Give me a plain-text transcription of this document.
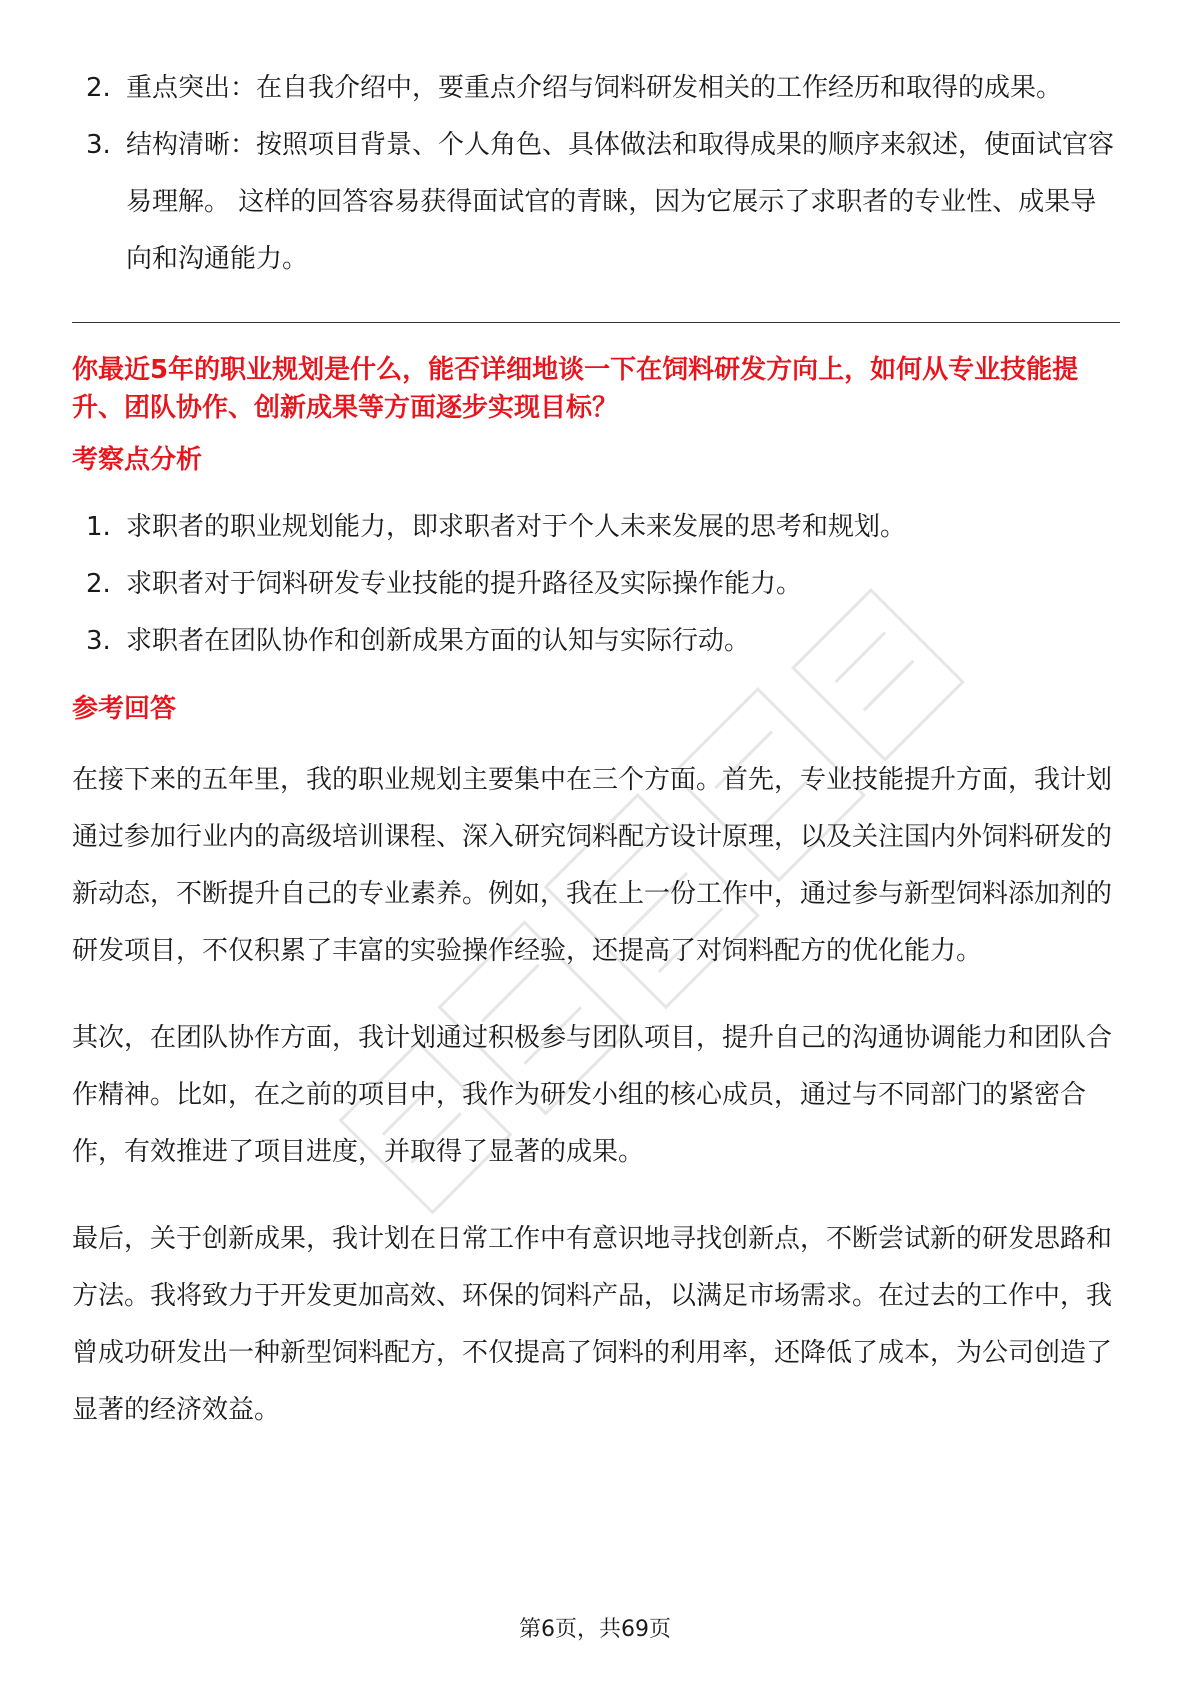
2. 重点突出：在自我介绍中，要重点介绍与饲料研发相关的工作经历和取得的成果。
3. 结构清晰：按照项目背景、个人角色、具体做法和取得成果的顺序来叙述，使面试官容易理解。 这样的回答容易获得面试官的青睐，因为它展示了求职者的专业性、成果导向和沟通能力。

你最近5年的职业规划是什么，能否详细地谈一下在饲料研发方向上，如何从专业技能提升、团队协作、创新成果等方面逐步实现目标？

考察点分析
1. 求职者的职业规划能力，即求职者对于个人未来发展的思考和规划。
2. 求职者对于饲料研发专业技能的提升路径及实际操作能力。
3. 求职者在团队协作和创新成果方面的认知与实际行动。
参考回答

在接下来的五年里，我的职业规划主要集中在三个方面。首先，专业技能提升方面，我计划通过参加行业内的高级培训课程、深入研究饲料配方设计原理，以及关注国内外饲料研发的新动态，不断提升自己的专业素养。例如，我在上一份工作中，通过参与新型饲料添加剂的研发项目，不仅积累了丰富的实验操作经验，还提高了对饲料配方的优化能力。

其次，在团队协作方面，我计划通过积极参与团队项目，提升自己的沟通协调能力和团队合作精神。比如，在之前的项目中，我作为研发小组的核心成员，通过与不同部门的紧密合作，有效推进了项目进度，并取得了显著的成果。

最后，关于创新成果，我计划在日常工作中有意识地寻找创新点，不断尝试新的研发思路和方法。我将致力于开发更加高效、环保的饲料产品，以满足市场需求。在过去的工作中，我曾成功研发出一种新型饲料配方，不仅提高了饲料的利用率，还降低了成本，为公司创造了显著的经济效益。

第6页，共69页
